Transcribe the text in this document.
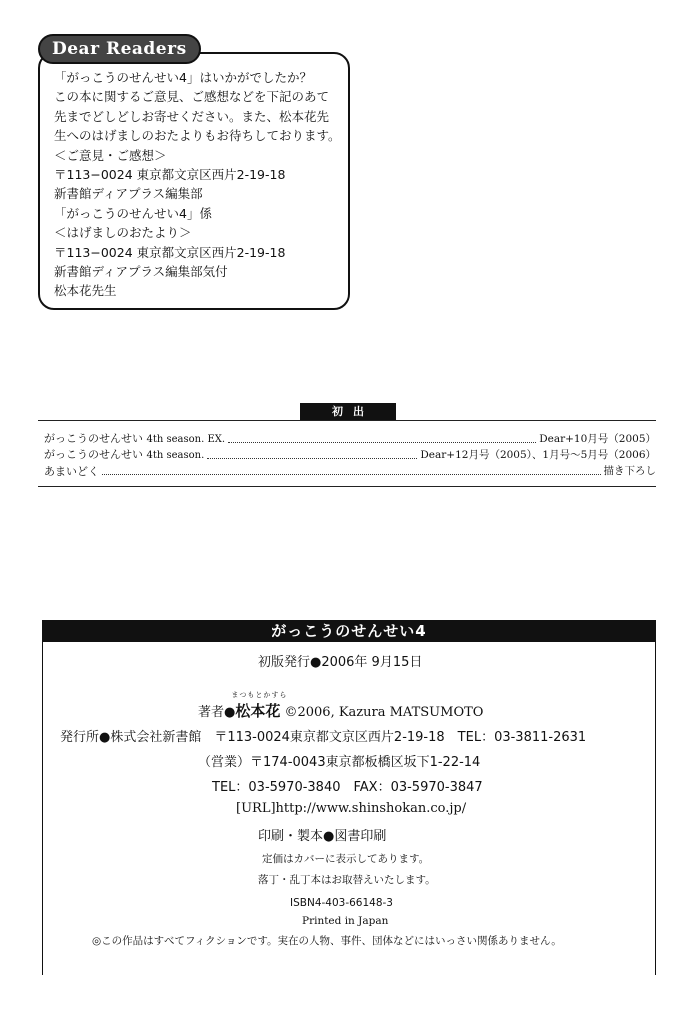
「がっこうのせんせい4」はいかがでしたか？
この本に関するご意見、ご感想などを下記のあて
先までどしどしお寄せください。また、松本花先
生へのはげましのおたよりもお待ちしております。
＜ご意見・ご感想＞
〒113−0024 東京都文京区西片2-19-18
新書館ディアプラス編集部
「がっこうのせんせい4」係
＜はげましのおたより＞
〒113−0024 東京都文京区西片2-19-18
新書館ディアプラス編集部気付
松本花先生
Dear Readers
初出
がっこうのせんせい 4th season. EX.	Dear+10月号（2005）
がっこうのせんせい 4th season.	Dear+12月号（2005）、1月号〜5月号（2006）
あまいどく	描き下ろし
がっこうのせんせい4
初版発行●2006年 9月15日
著者●
まつもとかすら
松本花 ©2006, Kazura MATSUMOTO
発行所●株式会社新書館　〒113-0024東京都文京区西片2-19-18　TEL：03-3811-2631
（営業）〒174-0043東京都板橋区坂下1-22-14
TEL：03-5970-3840　FAX：03-5970-3847
[URL]http://www.shinshokan.co.jp/
印刷・製本●図書印刷
定価はカバーに表示してあります。
落丁・乱丁本はお取替えいたします。
ISBN4-403-66148-3
Printed in Japan
◎この作品はすべてフィクションです。実在の人物、事件、団体などにはいっさい関係ありません。
